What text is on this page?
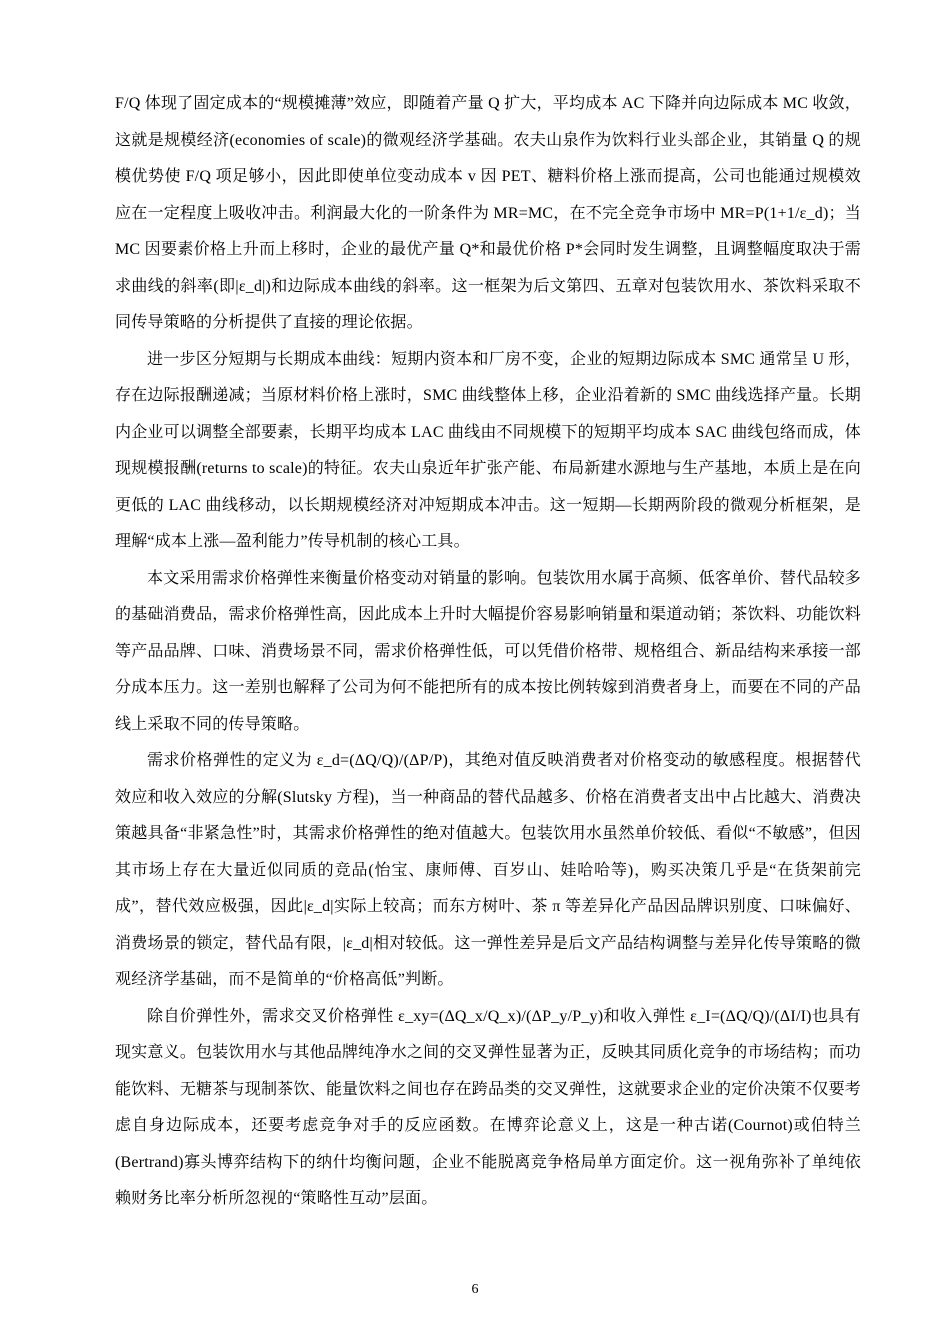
F/Q 体现了固定成本的“规模摊薄”效应，即随着产量 Q 扩大，平均成本 AC 下降并向边际成本 MC 收敛，这就是规模经济(economies of scale)的微观经济学基础。农夫山泉作为饮料行业头部企业，其销量 Q 的规模优势使 F/Q 项足够小，因此即使单位变动成本 v 因 PET、糖料价格上涨而提高，公司也能通过规模效应在一定程度上吸收冲击。利润最大化的一阶条件为 MR=MC，在不完全竞争市场中 MR=P(1+1/ε_d)；当 MC 因要素价格上升而上移时，企业的最优产量 Q*和最优价格 P*会同时发生调整，且调整幅度取决于需求曲线的斜率(即|ε_d|)和边际成本曲线的斜率。这一框架为后文第四、五章对包装饮用水、茶饮料采取不同传导策略的分析提供了直接的理论依据。

进一步区分短期与长期成本曲线：短期内资本和厂房不变，企业的短期边际成本 SMC 通常呈 U 形，存在边际报酬递减；当原材料价格上涨时，SMC 曲线整体上移，企业沿着新的 SMC 曲线选择产量。长期内企业可以调整全部要素，长期平均成本 LAC 曲线由不同规模下的短期平均成本 SAC 曲线包络而成，体现规模报酬(returns to scale)的特征。农夫山泉近年扩张产能、布局新建水源地与生产基地，本质上是在向更低的 LAC 曲线移动，以长期规模经济对冲短期成本冲击。这一短期—长期两阶段的微观分析框架，是理解“成本上涨—盈利能力”传导机制的核心工具。

本文采用需求价格弹性来衡量价格变动对销量的影响。包装饮用水属于高频、低客单价、替代品较多的基础消费品，需求价格弹性高，因此成本上升时大幅提价容易影响销量和渠道动销；茶饮料、功能饮料等产品品牌、口味、消费场景不同，需求价格弹性低，可以凭借价格带、规格组合、新品结构来承接一部分成本压力。这一差别也解释了公司为何不能把所有的成本按比例转嫁到消费者身上，而要在不同的产品线上采取不同的传导策略。

需求价格弹性的定义为 ε_d=(ΔQ/Q)/(ΔP/P)，其绝对值反映消费者对价格变动的敏感程度。根据替代效应和收入效应的分解(Slutsky 方程)，当一种商品的替代品越多、价格在消费者支出中占比越大、消费决策越具备“非紧急性”时，其需求价格弹性的绝对值越大。包装饮用水虽然单价较低、看似“不敏感”，但因其市场上存在大量近似同质的竞品(怡宝、康师傅、百岁山、娃哈哈等)，购买决策几乎是“在货架前完成”，替代效应极强，因此|ε_d|实际上较高；而东方树叶、茶 π 等差异化产品因品牌识别度、口味偏好、消费场景的锁定，替代品有限，|ε_d|相对较低。这一弹性差异是后文产品结构调整与差异化传导策略的微观经济学基础，而不是简单的“价格高低”判断。

除自价弹性外，需求交叉价格弹性 ε_xy=(ΔQ_x/Q_x)/(ΔP_y/P_y)和收入弹性 ε_I=(ΔQ/Q)/(ΔI/I)也具有现实意义。包装饮用水与其他品牌纯净水之间的交叉弹性显著为正，反映其同质化竞争的市场结构；而功能饮料、无糖茶与现制茶饮、能量饮料之间也存在跨品类的交叉弹性，这就要求企业的定价决策不仅要考虑自身边际成本，还要考虑竞争对手的反应函数。在博弈论意义上，这是一种古诺(Cournot)或伯特兰(Bertrand)寡头博弈结构下的纳什均衡问题，企业不能脱离竞争格局单方面定价。这一视角弥补了单纯依赖财务比率分析所忽视的“策略性互动”层面。

6
